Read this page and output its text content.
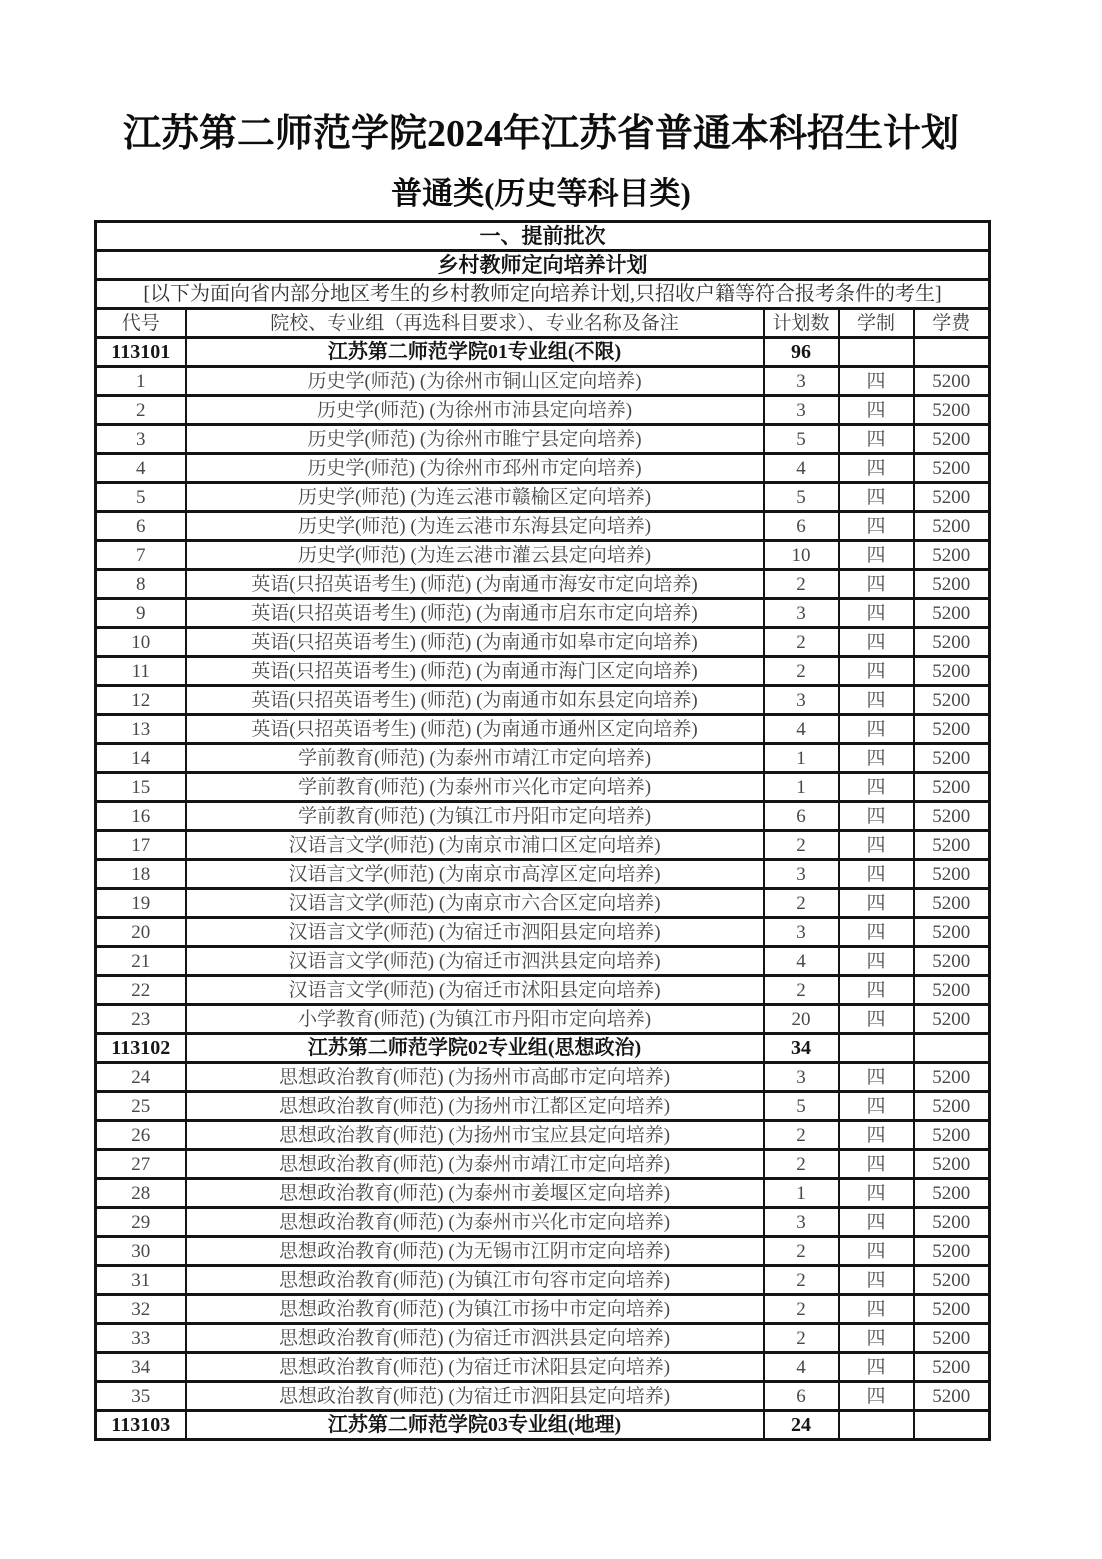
江苏第二师范学院2024年江苏省普通本科招生计划
普通类(历史等科目类)
一、提前批次				
乡村教师定向培养计划				
[以下为面向省内部分地区考生的乡村教师定向培养计划,只招收户籍等符合报考条件的考生]				
代号	院校、专业组（再选科目要求）、专业名称及备注	计划数	学制	学费
113101	江苏第二师范学院01专业组(不限)	96		
1	历史学(师范) (为徐州市铜山区定向培养)	3	四	5200
2	历史学(师范) (为徐州市沛县定向培养)	3	四	5200
3	历史学(师范) (为徐州市睢宁县定向培养)	5	四	5200
4	历史学(师范) (为徐州市邳州市定向培养)	4	四	5200
5	历史学(师范) (为连云港市赣榆区定向培养)	5	四	5200
6	历史学(师范) (为连云港市东海县定向培养)	6	四	5200
7	历史学(师范) (为连云港市灌云县定向培养)	10	四	5200
8	英语(只招英语考生) (师范) (为南通市海安市定向培养)	2	四	5200
9	英语(只招英语考生) (师范) (为南通市启东市定向培养)	3	四	5200
10	英语(只招英语考生) (师范) (为南通市如皋市定向培养)	2	四	5200
11	英语(只招英语考生) (师范) (为南通市海门区定向培养)	2	四	5200
12	英语(只招英语考生) (师范) (为南通市如东县定向培养)	3	四	5200
13	英语(只招英语考生) (师范) (为南通市通州区定向培养)	4	四	5200
14	学前教育(师范) (为泰州市靖江市定向培养)	1	四	5200
15	学前教育(师范) (为泰州市兴化市定向培养)	1	四	5200
16	学前教育(师范) (为镇江市丹阳市定向培养)	6	四	5200
17	汉语言文学(师范) (为南京市浦口区定向培养)	2	四	5200
18	汉语言文学(师范) (为南京市高淳区定向培养)	3	四	5200
19	汉语言文学(师范) (为南京市六合区定向培养)	2	四	5200
20	汉语言文学(师范) (为宿迁市泗阳县定向培养)	3	四	5200
21	汉语言文学(师范) (为宿迁市泗洪县定向培养)	4	四	5200
22	汉语言文学(师范) (为宿迁市沭阳县定向培养)	2	四	5200
23	小学教育(师范) (为镇江市丹阳市定向培养)	20	四	5200
113102	江苏第二师范学院02专业组(思想政治)	34		
24	思想政治教育(师范) (为扬州市高邮市定向培养)	3	四	5200
25	思想政治教育(师范) (为扬州市江都区定向培养)	5	四	5200
26	思想政治教育(师范) (为扬州市宝应县定向培养)	2	四	5200
27	思想政治教育(师范) (为泰州市靖江市定向培养)	2	四	5200
28	思想政治教育(师范) (为泰州市姜堰区定向培养)	1	四	5200
29	思想政治教育(师范) (为泰州市兴化市定向培养)	3	四	5200
30	思想政治教育(师范) (为无锡市江阴市定向培养)	2	四	5200
31	思想政治教育(师范) (为镇江市句容市定向培养)	2	四	5200
32	思想政治教育(师范) (为镇江市扬中市定向培养)	2	四	5200
33	思想政治教育(师范) (为宿迁市泗洪县定向培养)	2	四	5200
34	思想政治教育(师范) (为宿迁市沭阳县定向培养)	4	四	5200
35	思想政治教育(师范) (为宿迁市泗阳县定向培养)	6	四	5200
113103	江苏第二师范学院03专业组(地理)	24		
